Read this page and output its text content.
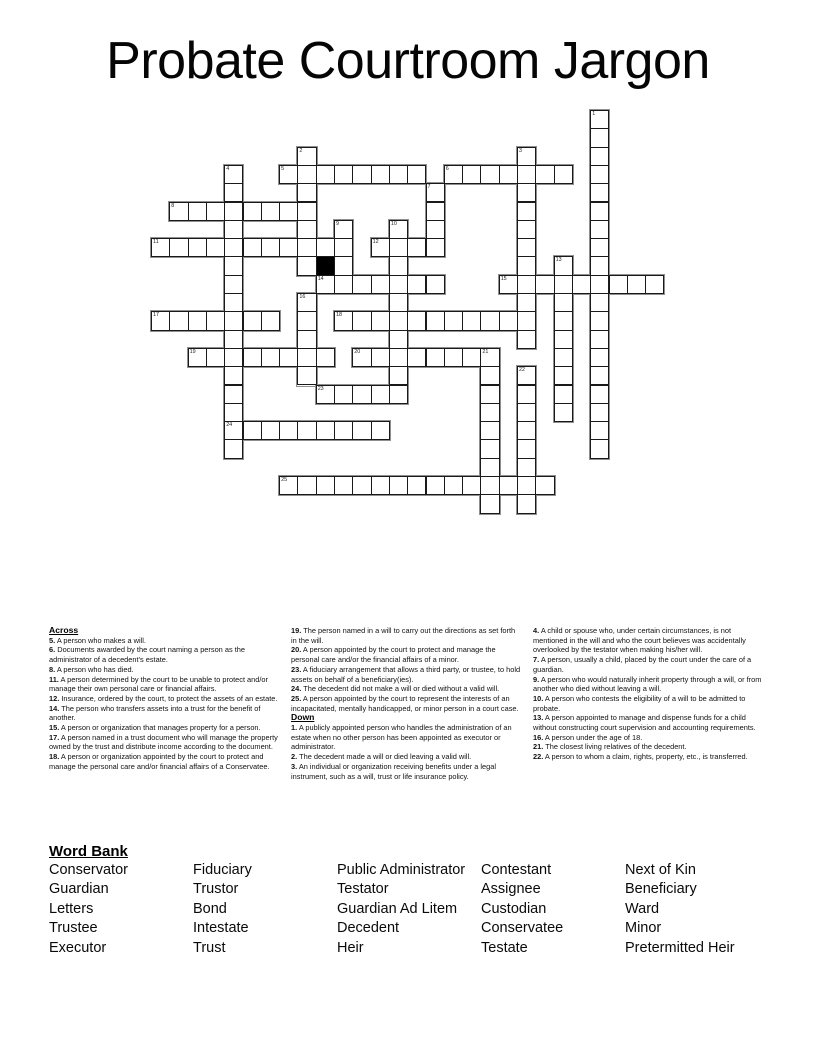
Probate Courtroom Jargon
5	6
8
11	12
14	15
17	18
19	20	21
23
24
25
1
2	3
4
7
9	10
13
16
22

Across

5. A person who makes a will.

6. Documents awarded by the court naming a person as the administrator of a decedent's estate.

8. A person who has died.

11. A person determined by the court to be unable to protect and/or manage their own personal care or financial affairs.

12. Insurance, ordered by the court, to protect the assets of an estate.

14. The person who transfers assets into a trust for the benefit of another.

15. A person or organization that manages property for a person.

17. A person named in a trust document who will manage the property owned by the trust and distribute income according to the document.

18. A person or organization appointed by the court to protect and manage the personal care and/or financial affairs of a Conservatee.

19. The person named in a will to carry out the directions as set forth in the will.

20. A person appointed by the court to protect and manage the personal care and/or the financial affairs of a minor.

23. A fiduciary arrangement that allows a third party, or trustee, to hold assets on behalf of a beneficiary(ies).

24. The decedent did not make a will or died without a valid will.

25. A person appointed by the court to represent the interests of an incapacitated, mentally handicapped, or minor person in a court case.

Down

1. A publicly appointed person who handles the administration of an estate when no other person has been appointed as executor or administrator.

2. The decedent made a will or died leaving a valid will.

3. An individual or organization receiving benefits under a legal instrument, such as a will, trust or life insurance policy.

4. A child or spouse who, under certain circumstances, is not mentioned in the will and who the court believes was accidentally overlooked by the testator when making his/her will.

7. A person, usually a child, placed by the court under the care of a guardian.

9. A person who would naturally inherit property through a will, or from another who died without leaving a will.

10. A person who contests the eligibility of a will to be admitted to probate.

13. A person appointed to manage and dispense funds for a child without constructing court supervision and accounting requirements.

16. A person under the age of 18.

21. The closest living relatives of the decedent.

22. A person to whom a claim, rights, property, etc., is transferred.

Word Bank

Conservator
Guardian
Letters
Trustee
Executor
Fiduciary
Trustor
Bond
Intestate
Trust
Public Administrator
Testator
Guardian Ad Litem
Decedent
Heir
Contestant
Assignee
Custodian
Conservatee
Testate
Next of Kin
Beneficiary
Ward
Minor
Pretermitted Heir
